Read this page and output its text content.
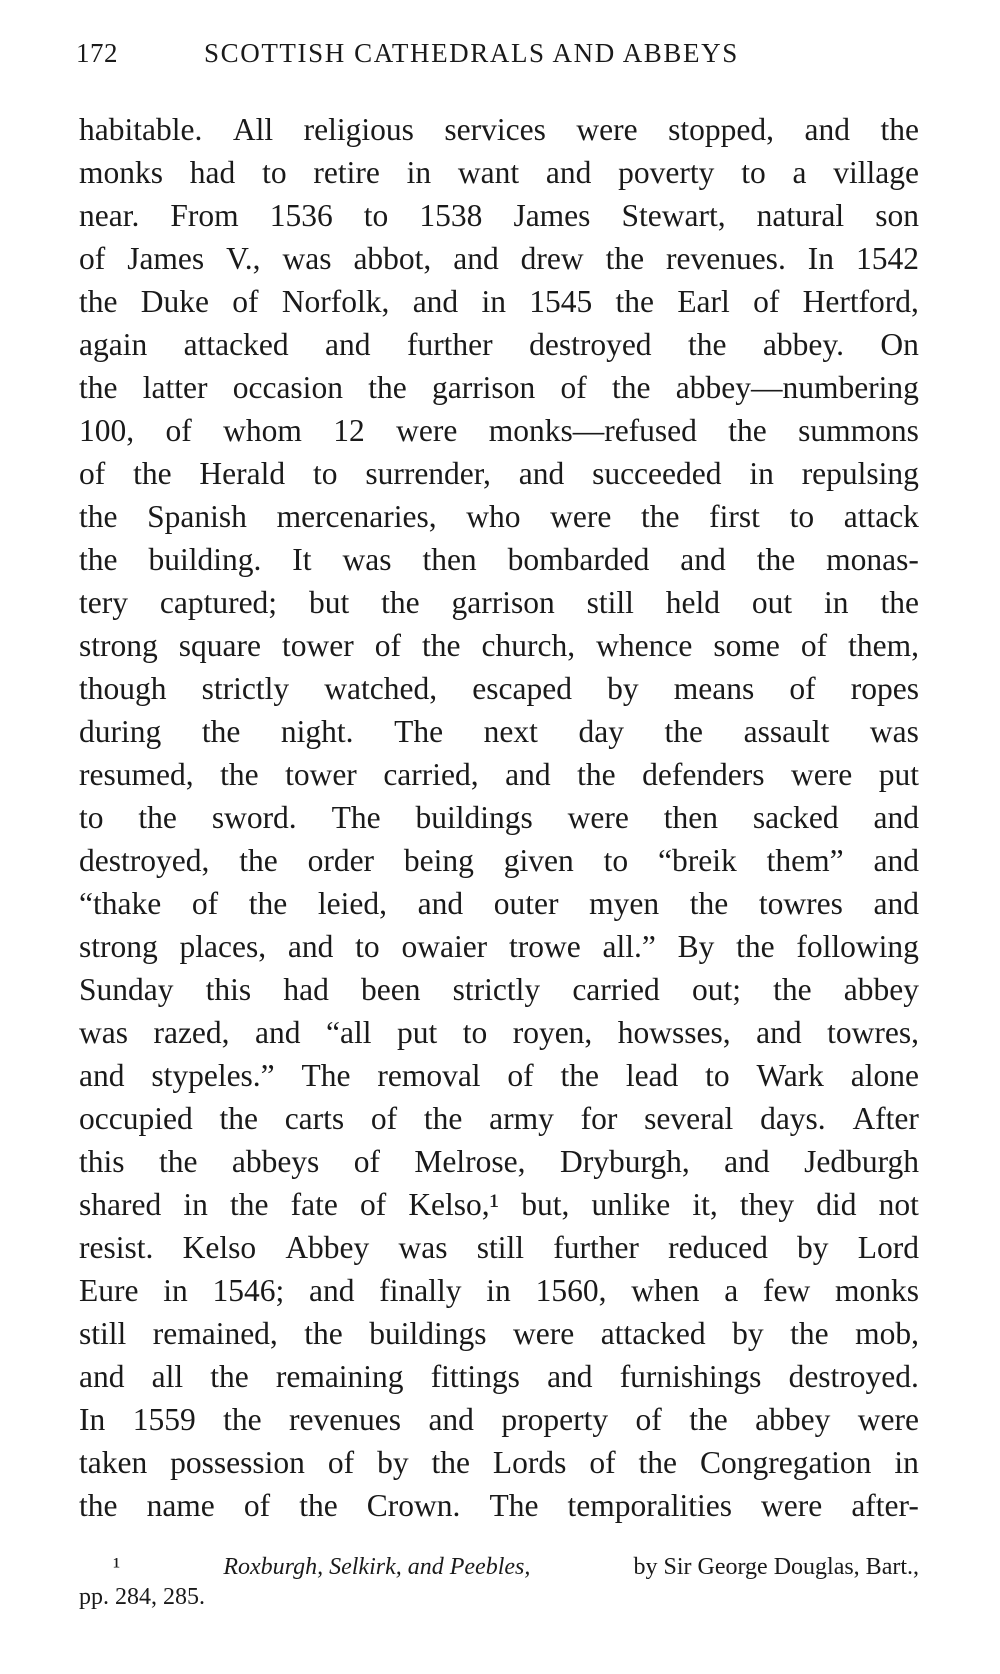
172	SCOTTISH CATHEDRALS AND ABBEYS
habitable. All religious services were stopped, and the
monks had to retire in want and poverty to a village
near. From 1536 to 1538 James Stewart, natural son
of James V., was abbot, and drew the revenues. In 1542
the Duke of Norfolk, and in 1545 the Earl of Hertford,
again attacked and further destroyed the abbey. On
the latter occasion the garrison of the abbey—numbering
100, of whom 12 were monks—refused the summons
of the Herald to surrender, and succeeded in repulsing
the Spanish mercenaries, who were the first to attack
the building. It was then bombarded and the monas-
tery captured; but the garrison still held out in the
strong square tower of the church, whence some of them,
though strictly watched, escaped by means of ropes
during the night. The next day the assault was
resumed, the tower carried, and the defenders were put
to the sword. The buildings were then sacked and
destroyed, the order being given to “breik them” and
“thake of the leied, and outer myen the towres and
strong places, and to owaier trowe all.” By the following
Sunday this had been strictly carried out; the abbey
was razed, and “all put to royen, howsses, and towres,
and stypeles.” The removal of the lead to Wark alone
occupied the carts of the army for several days. After
this the abbeys of Melrose, Dryburgh, and Jedburgh
shared in the fate of Kelso,¹ but, unlike it, they did not
resist. Kelso Abbey was still further reduced by Lord
Eure in 1546; and finally in 1560, when a few monks
still remained, the buildings were attacked by the mob,
and all the remaining fittings and furnishings destroyed.
In 1559 the revenues and property of the abbey were
taken possession of by the Lords of the Congregation in
the name of the Crown. The temporalities were after-
¹	Roxburgh, Selkirk, and Peebles,	by Sir George Douglas, Bart.,
pp. 284, 285.
